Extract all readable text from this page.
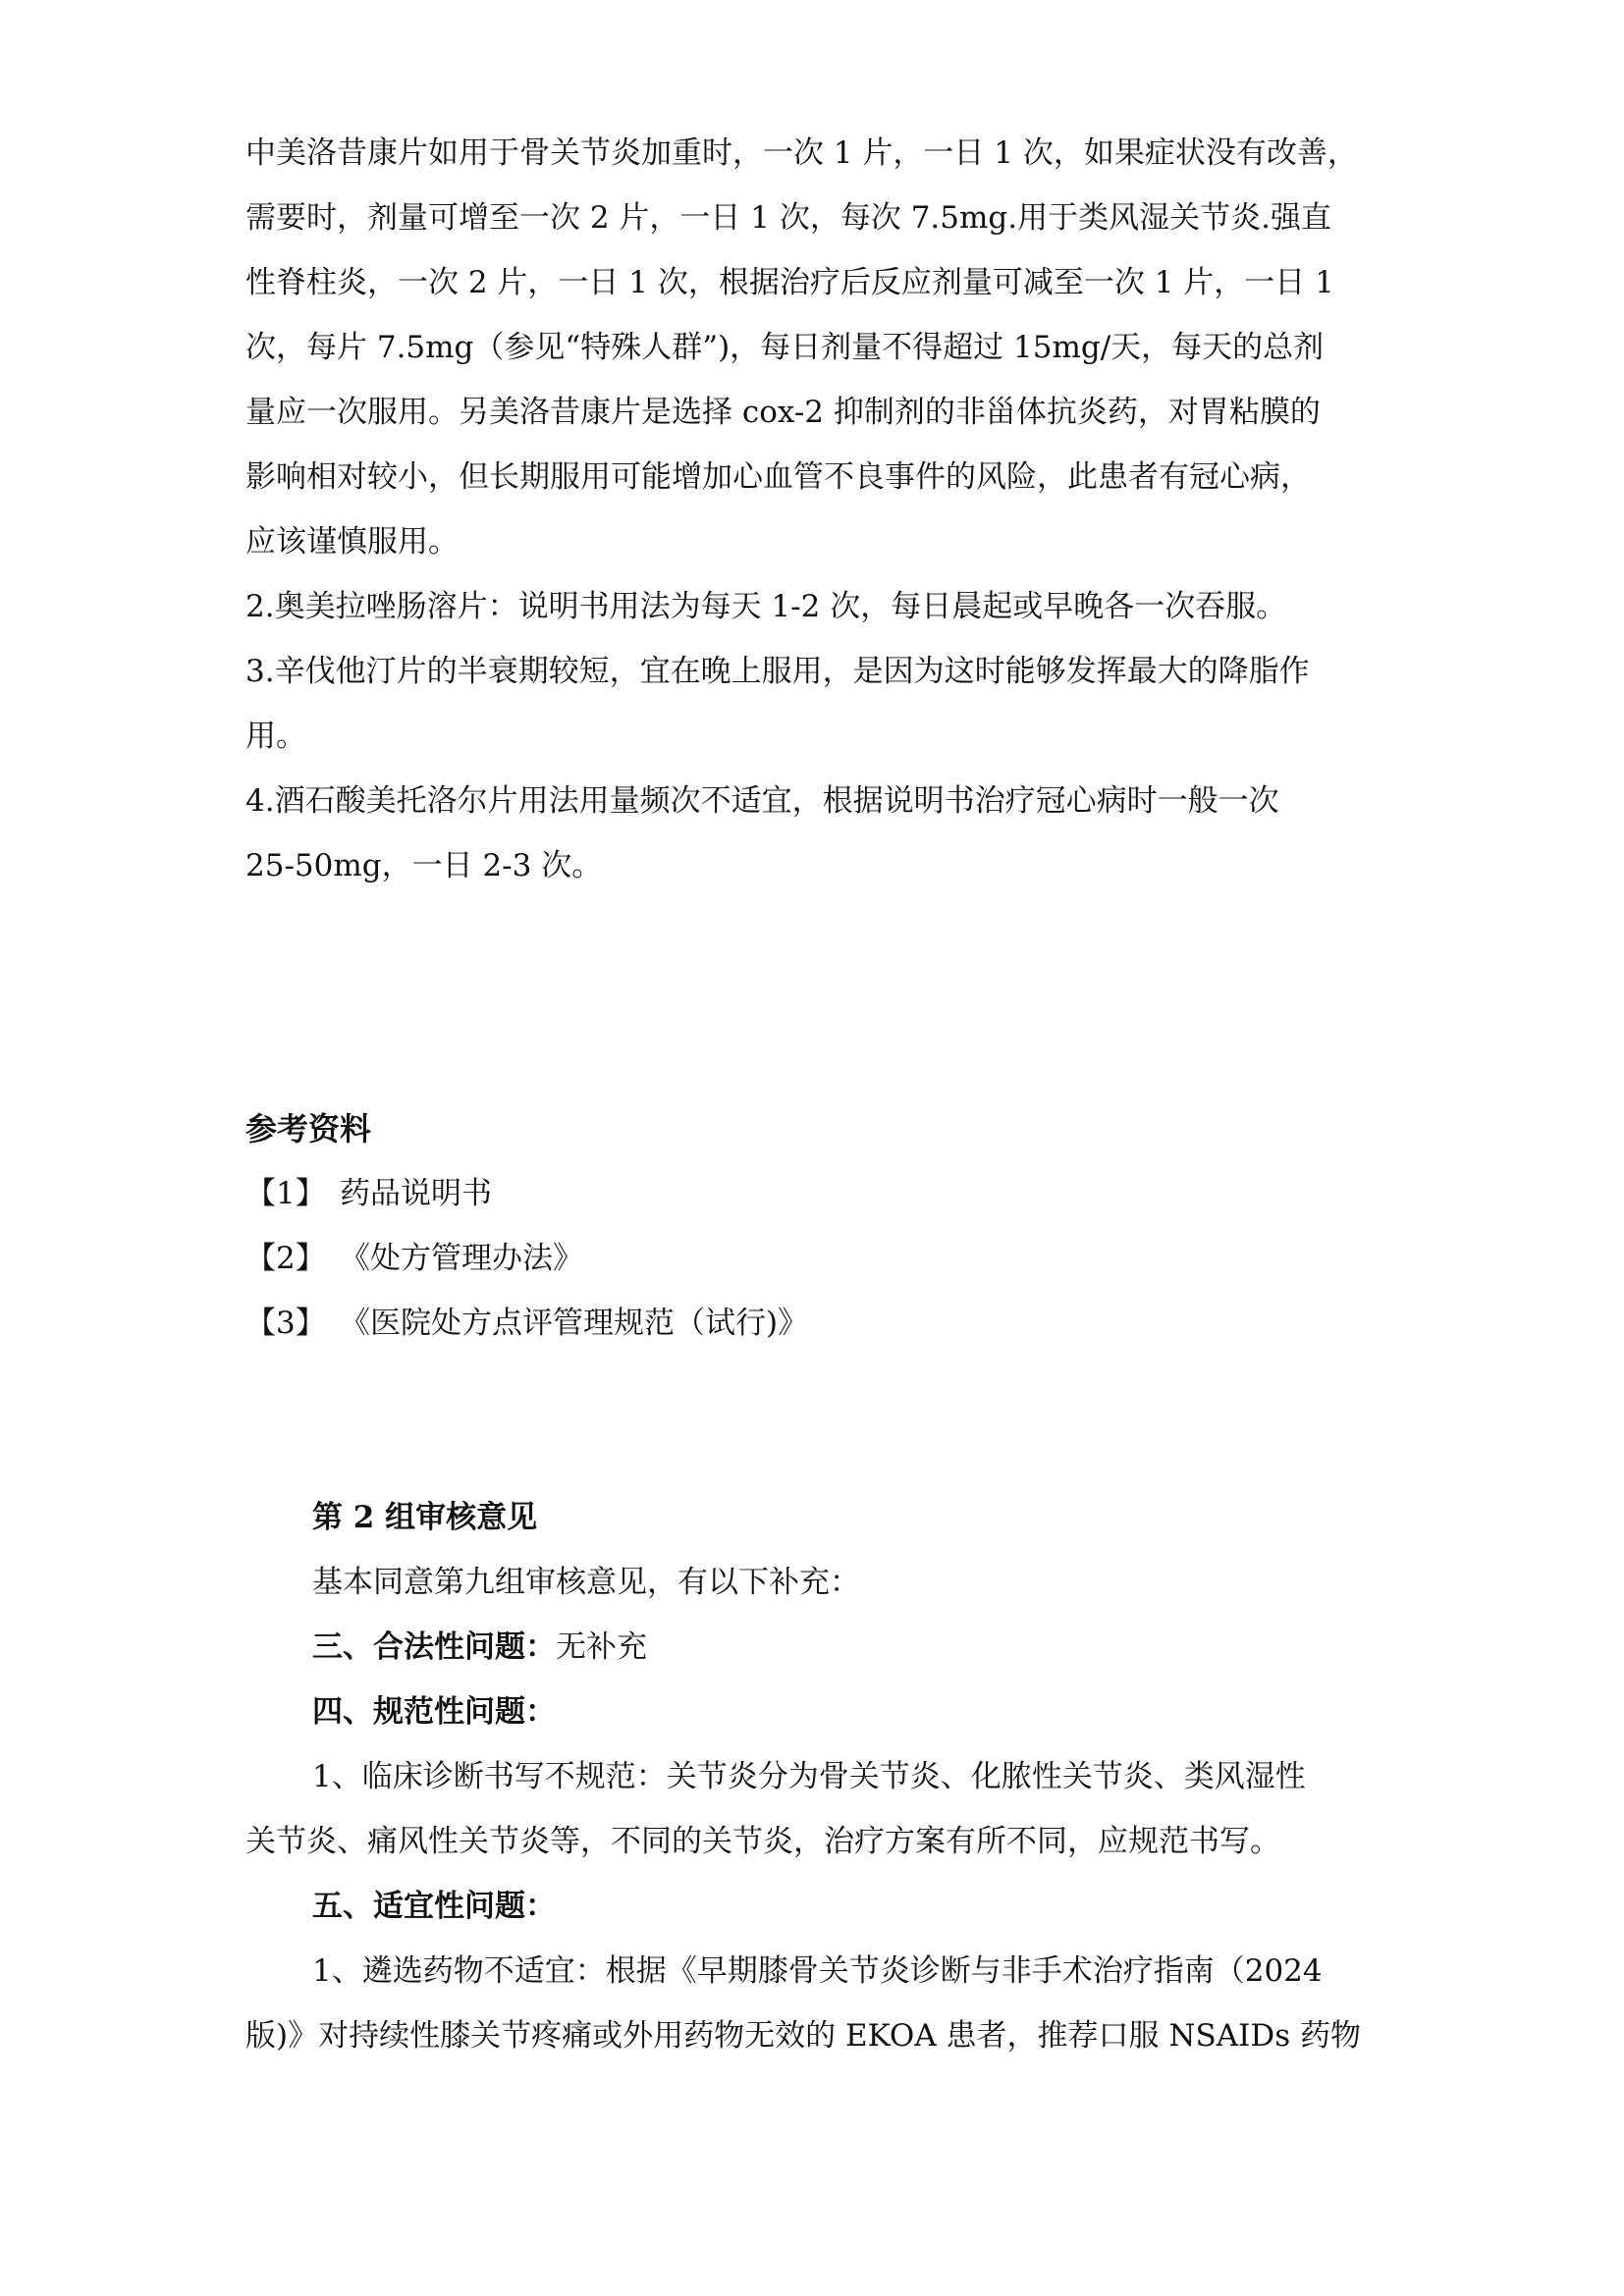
中美洛昔康片如用于骨关节炎加重时，一次 1 片，一日 1 次，如果症状没有改善，
需要时，剂量可增至一次 2 片，一日 1 次，每次 7.5mg.用于类风湿关节炎.强直
性脊柱炎，一次 2 片，一日 1 次，根据治疗后反应剂量可减至一次 1 片，一日 1
次，每片 7.5mg（参见“特殊人群”)，每日剂量不得超过 15mg/天，每天的总剂
量应一次服用。另美洛昔康片是选择 cox-2 抑制剂的非甾体抗炎药，对胃粘膜的
影响相对较小，但长期服用可能增加心血管不良事件的风险，此患者有冠心病，
应该谨慎服用。
2.奥美拉唑肠溶片：说明书用法为每天 1-2 次，每日晨起或早晚各一次吞服。
3.辛伐他汀片的半衰期较短，宜在晚上服用，是因为这时能够发挥最大的降脂作
用。
4.酒石酸美托洛尔片用法用量频次不适宜，根据说明书治疗冠心病时一般一次
25-50mg，一日 2-3 次。
参考资料
【1】 药品说明书
【2】 《处方管理办法》
【3】 《医院处方点评管理规范（试行)》
第 2 组审核意见
基本同意第九组审核意见，有以下补充：
三、合法性问题：无补充
四、规范性问题：
1、临床诊断书写不规范：关节炎分为骨关节炎、化脓性关节炎、类风湿性
关节炎、痛风性关节炎等，不同的关节炎，治疗方案有所不同，应规范书写。
五、适宜性问题：
1、遴选药物不适宜：根据《早期膝骨关节炎诊断与非手术治疗指南（2024
版)》对持续性膝关节疼痛或外用药物无效的 EKOA 患者，推荐口服 NSAIDs 药物
